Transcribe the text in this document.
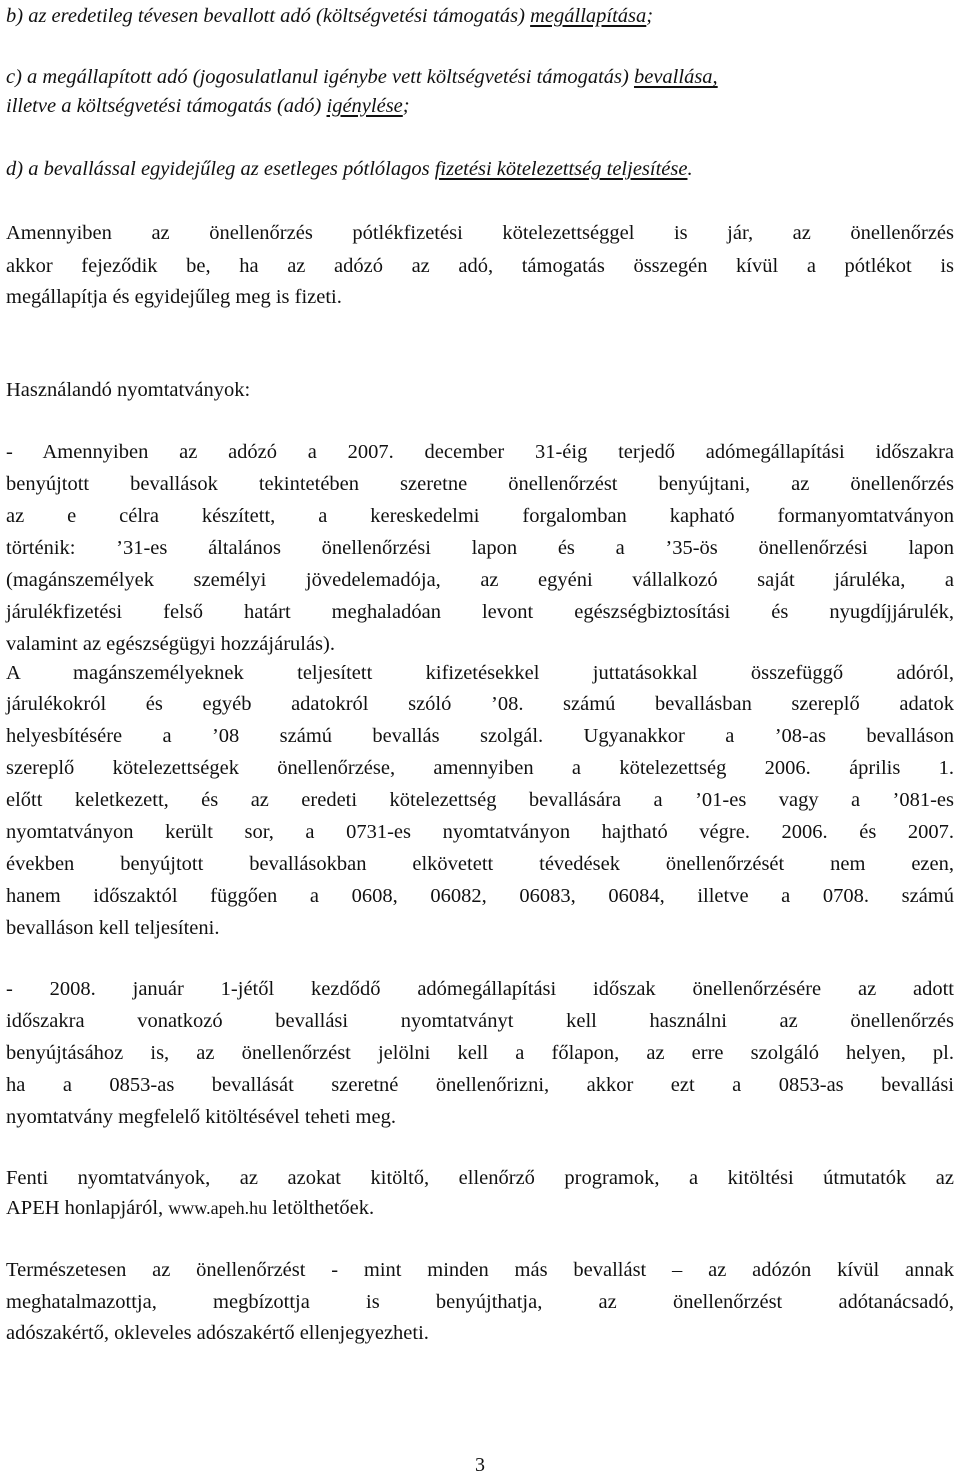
b) az eredetileg tévesen bevallott adó (költségvetési támogatás) megállapítása;
c) a megállapított adó (jogosulatlanul igénybe vett költségvetési támogatás) bevallása,
illetve a költségvetési támogatás (adó) igénylése;
d) a bevallással egyidejűleg az esetleges pótlólagos fizetési kötelezettség teljesítése.
Amennyiben az önellenőrzés pótlékfizetési kötelezettséggel is jár, az önellenőrzés
akkor fejeződik be, ha az adózó az adó, támogatás összegén kívül a pótlékot is
megállapítja és egyidejűleg meg is fizeti.
Használandó nyomtatványok:
- Amennyiben az adózó a 2007. december 31-éig terjedő adómegállapítási időszakra
benyújtott bevallások tekintetében szeretne önellenőrzést benyújtani, az önellenőrzés
az e célra készített, a kereskedelmi forgalomban kapható formanyomtatványon
történik: ’31-es általános önellenőrzési lapon és a ’35-ös önellenőrzési lapon
(magánszemélyek személyi jövedelemadója, az egyéni vállalkozó saját járuléka, a
járulékfizetési felső határt meghaladóan levont egészségbiztosítási és nyugdíjjárulék,
valamint az egészségügyi hozzájárulás).
A magánszemélyeknek teljesített kifizetésekkel juttatásokkal összefüggő adóról,
járulékokról és egyéb adatokról szóló ’08. számú bevallásban szereplő adatok
helyesbítésére a ’08 számú bevallás szolgál. Ugyanakkor a ’08-as bevalláson
szereplő kötelezettségek önellenőrzése, amennyiben a kötelezettség 2006. április 1.
előtt keletkezett, és az eredeti kötelezettség bevallására a ’01-es vagy a ’081-es
nyomtatványon került sor, a 0731-es nyomtatványon hajtható végre. 2006. és 2007.
években benyújtott bevallásokban elkövetett tévedések önellenőrzését nem ezen,
hanem időszaktól függően a 0608, 06082, 06083, 06084, illetve a 0708. számú
bevalláson kell teljesíteni.
- 2008. január 1-jétől kezdődő adómegállapítási időszak önellenőrzésére az adott
időszakra vonatkozó bevallási nyomtatványt kell használni az önellenőrzés
benyújtásához is, az önellenőrzést jelölni kell a főlapon, az erre szolgáló helyen, pl.
ha a 0853-as bevallását szeretné önellenőrizni, akkor ezt a 0853-as bevallási
nyomtatvány megfelelő kitöltésével teheti meg.
Fenti nyomtatványok, az azokat kitöltő, ellenőrző programok, a kitöltési útmutatók az
APEH honlapjáról, www.apeh.hu letölthetőek.
Természetesen az önellenőrzést - mint minden más bevallást – az adózón kívül annak
meghatalmazottja, megbízottja is benyújthatja, az önellenőrzést adótanácsadó,
adószakértő, okleveles adószakértő ellenjegyezheti.
3
